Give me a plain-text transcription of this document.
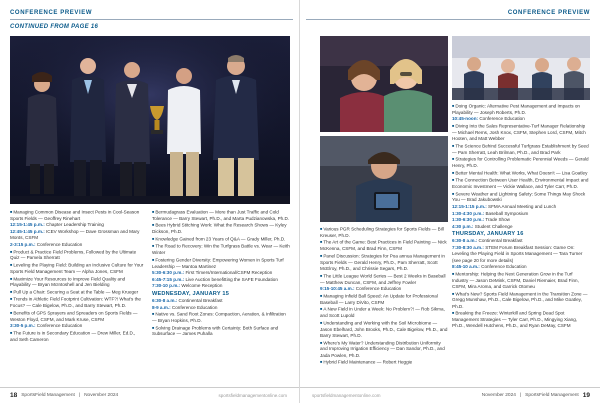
CONFERENCE PREVIEW
CONTINUED FROM PAGE 16

■ Managing Common Disease and Insect Pests in Cool-Season Sports Fields — Geoffrey Rinehart

12:15-1:45 p.m.: Chapter Leadership Training

12:45-1:45 p.m.: ICEV Workshop — Dave Grossman and Mary Monts, CSFM

2-3:15 p.m.: Conference Education

■ Product & Practice Field Problems, Followed by the Ultimate Quiz — Pamela Sherratt

■ Leveling the Playing Field: Building an Inclusive Culture for Your Sports Field Management Team — Alpha Jones, CSFM

■ Maximize Your Resources to Improve Field Quality and Playability — Bryan McIntoshell and Jen Bielding

■ Pull Up a Chair: Securing a Seat at the Table — Meg Krueger

■ Trends in Athletic Field Footprint Cultivation: WTF?! What's the Focus? — Cale Bigelow, Ph.D., and Barry Stewart, Ph.D.

■ Benefits of GPS Sprayers and Spreaders on Sports Fields — Weston Floyd, CSFM, and Mark Kruse, CSFM

3:30-5 p.m.: Conference Education

■ The Future is in Secondary Education — Drew Miller, Ed.D., and Seth Cameron

■ Bermudagrass Evaluation — More than Just Traffic and Cold Tolerance — Barry Stewart, Ph.D., and Marta Pudzianowska, Ph.D.

■ Bees Hybrid Stitching Work: What the Research Shows — Kyley Dickson, Ph.D.

■ Knowledge Gained from 23 Years of Q&A — Grady Miller, Ph.D.

■ The Road to Recovery: Win the Turfgrass Battle vs. Wear — Keith Winter

■ Fostering Gender Diversity: Empowering Women in Sports Turf Leadership — Mantoa Martinez

5:30-6:30 p.m.: First Timers/International/CSFM Reception

6:45-7:15 p.m.: Live Auction benefitting the SAFE Foundation

7:30-10 p.m.: Welcome Reception

WEDNESDAY, JANUARY 15

6:30-8 a.m.: Continental Breakfast

8-9 a.m.: Conference Education

■ Native vs. Sand Root Zones: Compaction, Aeration, & Infiltration — Bryan Hopkins, Ph.D.

■ Solving Drainage Problems with Certainty: Both Surface and Subsurface — James Puhalla

18 SportsField Management | November 2024	sportsfieldmanagementonline.com
CONFERENCE PREVIEW

■ Various PGR Scheduling Strategies for Sports Fields — Bill Kreuser, Ph.D.

■ The Art of the Game: Best Practices in Field Painting — Nick McKenna, CSFM, and Brad Finn, CSFM

■ Panel Discussion: Strategies for Poa annua Management in Sports Fields — Gerald Henry, Ph.D., Pam Sherratt, Scott McElroy, Ph.D., and Chrissie Segars, Ph.D.

■ The Little League World Series — Best 2 Weeks in Baseball — Matthew Duncan, CSFM, and Jeffrey Fowler

9:15-10:45 a.m.: Conference Education

■ Managing Infield Ball Speed: An Update for Professional Baseball — Larry DiVito, CSFM

■ A New Field in Under a Week: No Problem?! — Rob Sikma, and Scott Lupold

■ Understanding and Working with the Soil Microbiome — Jason Ebelhard, John Brooks, Ph.D., Cale Bigelow, Ph.D., and Barry Stewart, Ph.D.

■ Where's My Water? Understanding Distribution Uniformity and Improving Irrigation Efficiency — Dan Sandor, Ph.D., and Jada Powlen, Ph.D.

■ Hybrid Field Maintenance — Robert Heggie

■ Doing Organic: Alternative Pest Management and Impacts on Playability — Joseph Roberts, Ph.D.

10:45-noon: Conference Education

■ Diving Into the Sales Representative-Turf Manager Relationship — Michael Rems, Josh Knox, CSFM, Stephen Lord, CSFM, Mitch Hooten, and Matt Webber

■ The Science Behind Successful Turfgrass Establishment by Seed — Pam Sherratt, Leah Brilman, Ph.D., and Brad Park

■ Strategies for Controlling Problematic Perennial Weeds — Gerald Henry, Ph.D.

■ Better Mental Health: What Works, What Doesn't — Lisa Goatley

■ The Connection Between User Health, Environmental Impact and Economic Investment — Vickie Wallace, and Tyler Carr, Ph.D.

■ Severe Weather and Lightning Safety: Some Things May Shock You — Brad Jakubowski

12:15-1:15 p.m.: SFMA Annual Meeting and Lunch

1:30-4:30 p.m.: Baseball Symposium

1:30-6:30 p.m.: Trade Show

4:30 p.m.: Student Challenge

THURSDAY, JANUARY 16

6:30-8 a.m.: Continental Breakfast

7:30-8:30 a.m.: STEM Forum Breakfast Session: Game On: Leveling the Playing Field in Sports Management — Tara Turner (see page 20 for more details)

8:45-10 a.m.: Conference Education

■ Mentorship: Helping the Next Generation Grow in the Turf Industry — Jason DeMink, CSFM, Daniel Riemaier, Brad Finn, CSFM, Mira Aroma, and Garrick Otomeu

■ What's New? Sports Field Management in the Transition Zone — Gregg Munshaw, Ph.D., Cale Bigelow, Ph.D., and Mike Goatley, Ph.D.

■ Breaking the Freeze: Winterkill and Spring Dead Spot Management Strategies — Tyler Carr, Ph.D., Mingying Xiang, Ph.D., Wendell Hutchens, Ph.D., and Ryan DeMay, CSFM

sportsfieldmanagementonline.com	November 2024 | SportsField Management 19
